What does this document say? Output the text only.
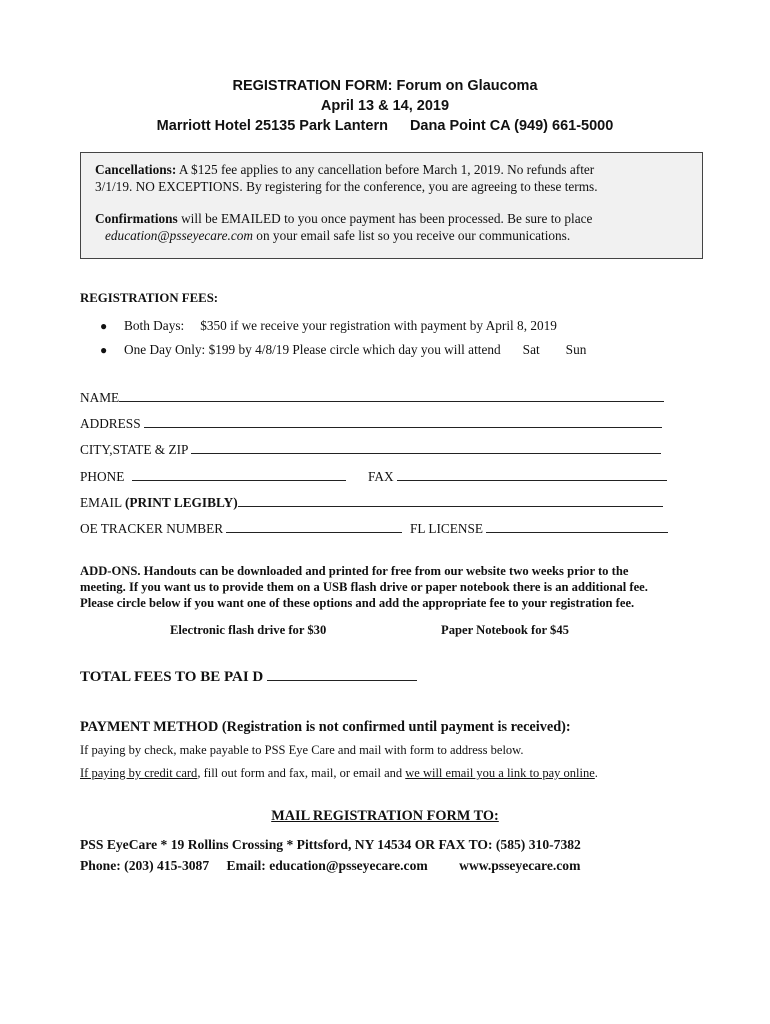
REGISTRATION FORM: Forum on Glaucoma
April 13 & 14, 2019
Marriott Hotel 25135 Park Lantern Dana Point CA (949) 661-5000

Cancellations: A $125 fee applies to any cancellation before March 1, 2019. No refunds after
3/1/19. NO EXCEPTIONS. By registering for the conference, you are agreeing to these terms.

Confirmations will be EMAILED to you once payment has been processed. Be sure to place
education@psseyecare.com on your email safe list so you receive our communications.

REGISTRATION FEES:
●	Both Days: $350 if we receive your registration with payment by April 8, 2019
●	One Day Only: $199 by 4/8/19 Please circle which day you will attend Sat Sun
NAME
ADDRESS
CITY,STATE & ZIP
PHONE	FAX
EMAIL (PRINT LEGIBLY)
OE TRACKER NUMBER	FL LICENSE

ADD-ONS. Handouts can be downloaded and printed for free from our website two weeks prior to the

meeting. If you want us to provide them on a USB flash drive or paper notebook there is an additional fee.

Please circle below if you want one of these options and add the appropriate fee to your registration fee.

Electronic flash drive for $30	Paper Notebook for $45
TOTAL FEES TO BE PAI D
PAYMENT METHOD (Registration is not confirmed until payment is received):
If paying by check, make payable to PSS Eye Care and mail with form to address below.
If paying by credit card, fill out form and fax, mail, or email and we will email you a link to pay online.
MAIL REGISTRATION FORM TO:
PSS EyeCare * 19 Rollins Crossing * Pittsford, NY 14534 OR FAX TO: (585) 310-7382
Phone: (203) 415-3087 Email: education@psseyecare.com www.psseyecare.com
